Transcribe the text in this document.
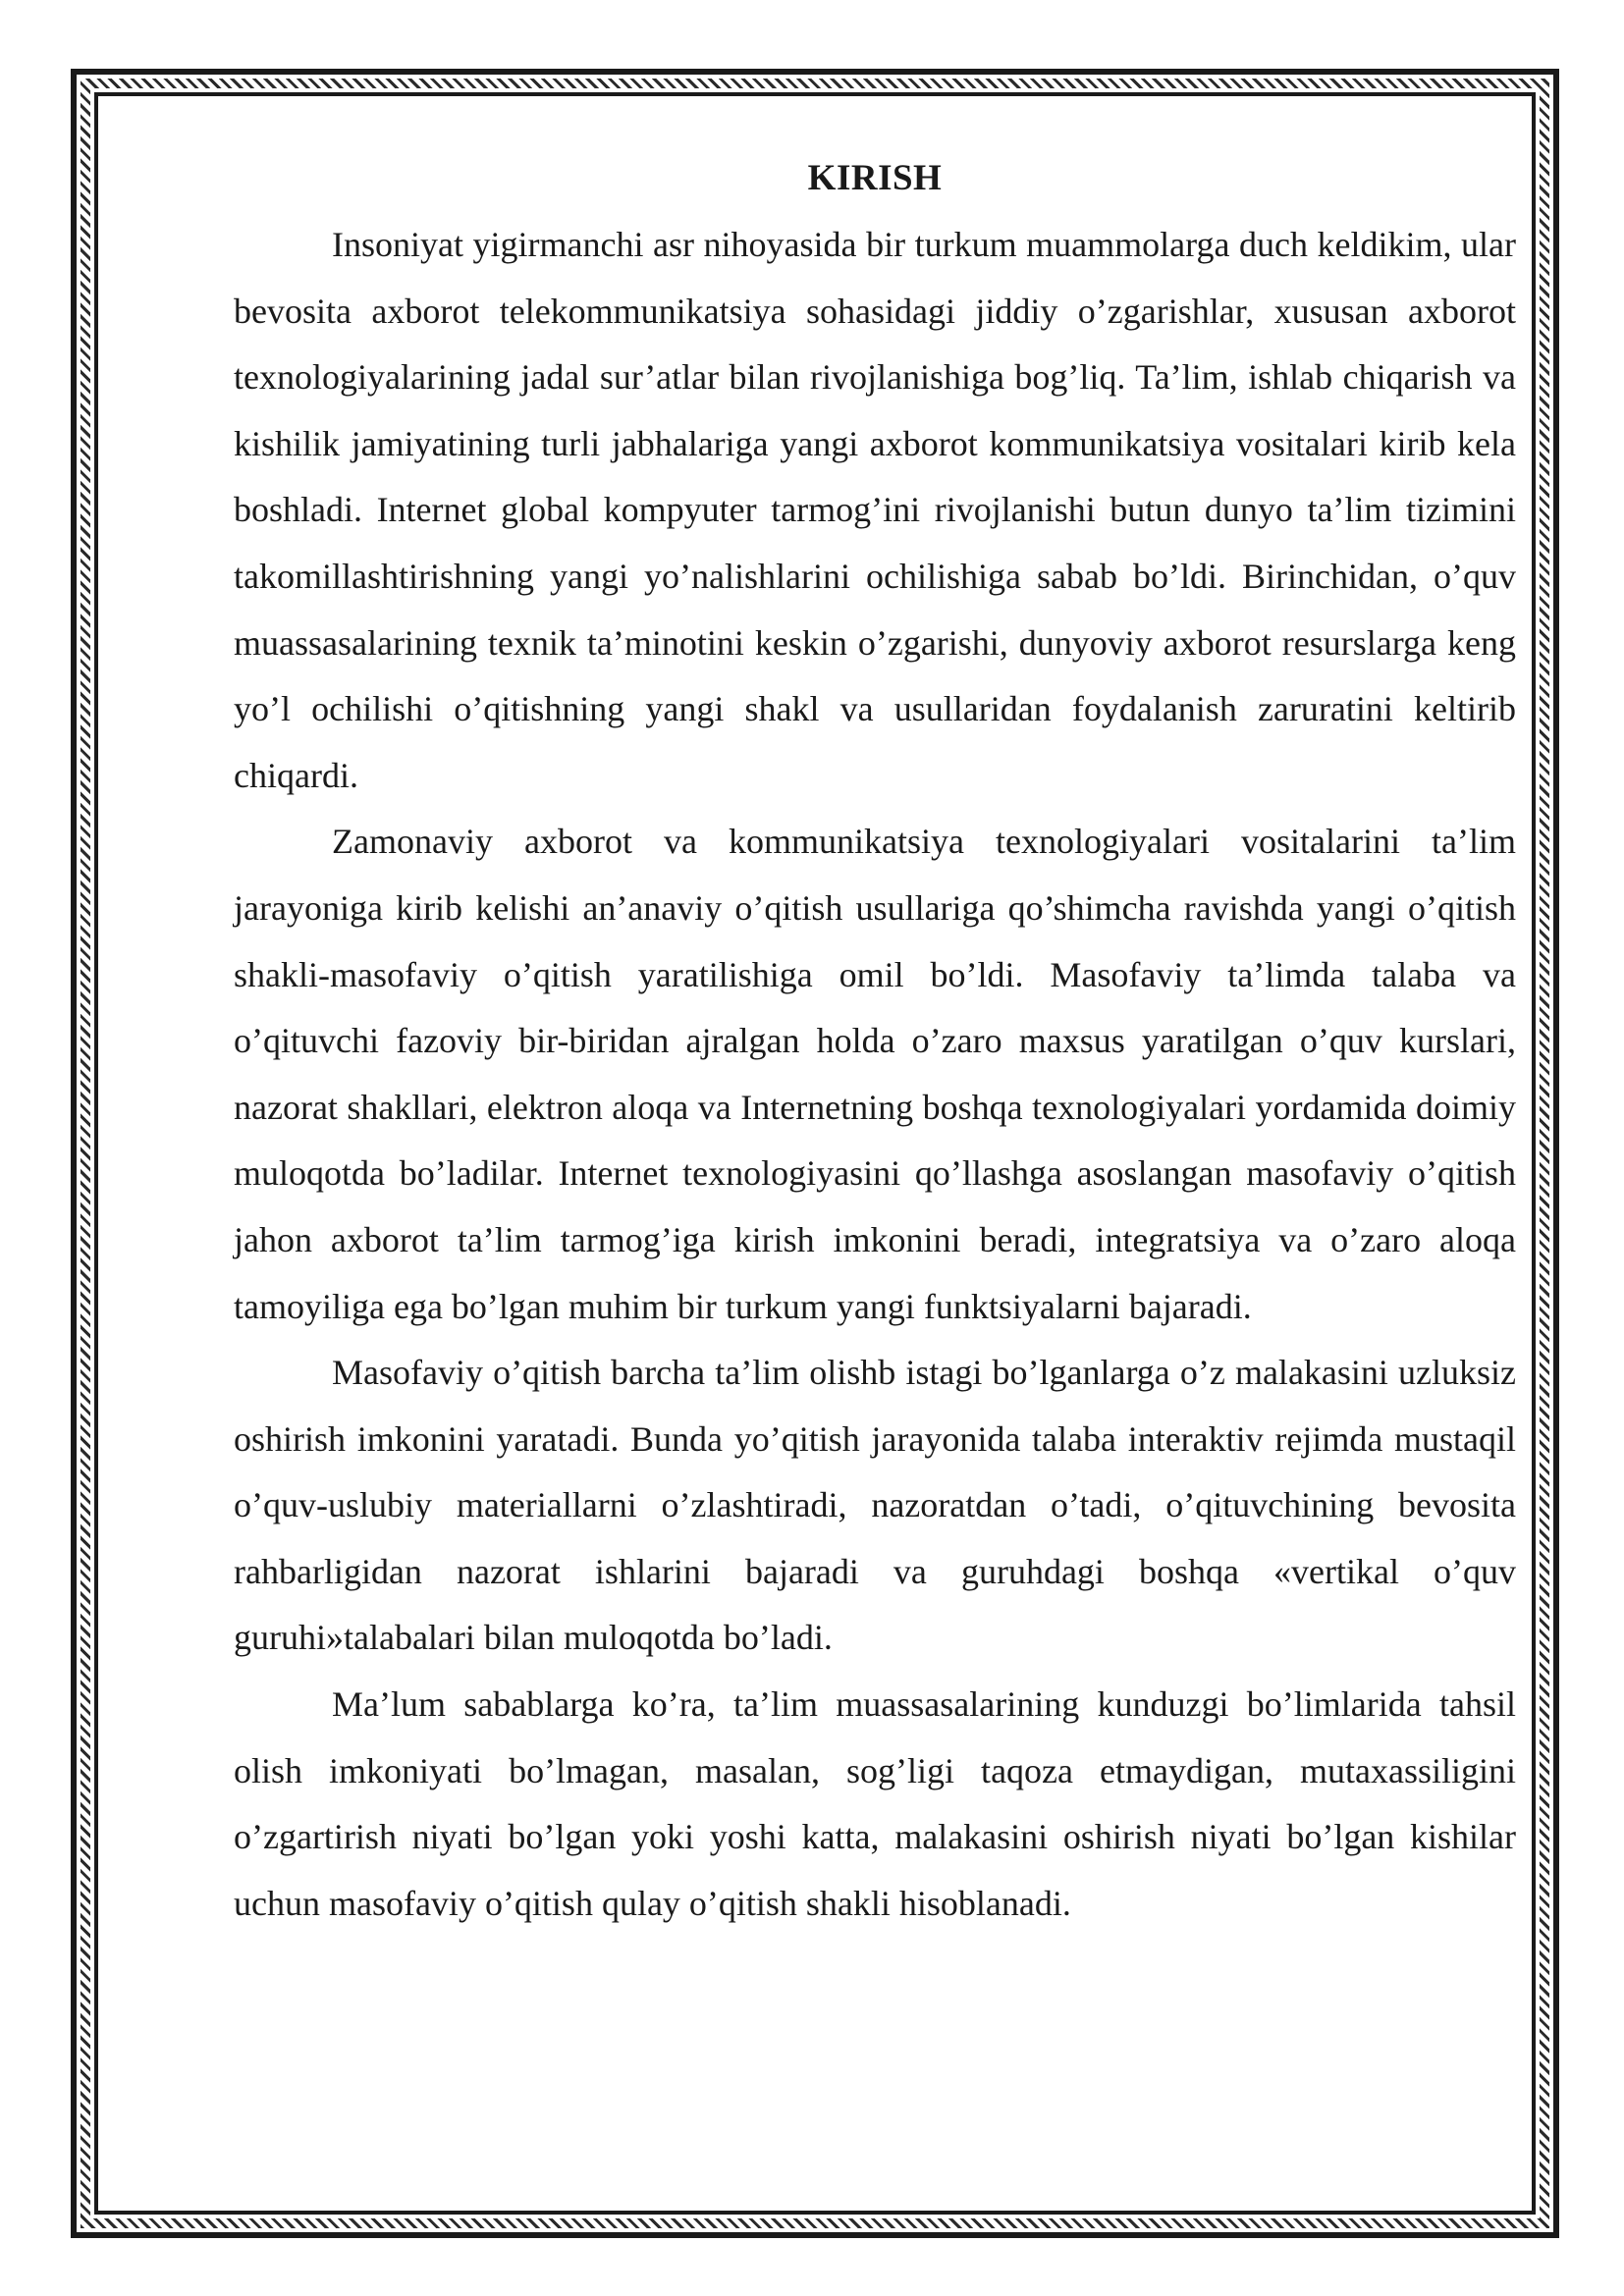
KIRISH

Insoniyat yigirmanchi asr nihoyasida bir turkum muammolarga duch keldikim, ular bevosita axborot telekommunikatsiya sohasidagi jiddiy o’zgarishlar, xususan axborot texnologiyalarining jadal sur’atlar bilan rivojlanishiga bog’liq. Ta’lim, ishlab chiqarish va kishilik jamiyatining turli jabhalariga yangi axborot kommunikatsiya vositalari kirib kela boshladi. Internet global kompyuter tarmog’ini rivojlanishi butun dunyo ta’lim tizimini takomillashtirishning yangi yo’nalishlarini ochilishiga sabab bo’ldi. Birinchidan, o’quv muassasalarining texnik ta’minotini keskin o’zgarishi, dunyoviy axborot resurslarga keng yo’l ochilishi o’qitishning yangi shakl va usullaridan foydalanish zaruratini keltirib chiqardi.

Zamonaviy axborot va kommunikatsiya texnologiyalari vositalarini ta’lim jarayoniga kirib kelishi an’anaviy o’qitish usullariga qo’shimcha ravishda yangi o’qitish shakli-masofaviy o’qitish yaratilishiga omil bo’ldi. Masofaviy ta’limda talaba va o’qituvchi fazoviy bir-biridan ajralgan holda o’zaro maxsus yaratilgan o’quv kurslari, nazorat shakllari, elektron aloqa va Internetning boshqa texnologiyalari yordamida doimiy muloqotda bo’ladilar. Internet texnologiyasini qo’llashga asoslangan masofaviy o’qitish jahon axborot ta’lim tarmog’iga kirish imkonini beradi, integratsiya va o’zaro aloqa tamoyiliga ega bo’lgan muhim bir turkum yangi funktsiyalarni bajaradi.

Masofaviy o’qitish barcha ta’lim olishb istagi bo’lganlarga o’z malakasini uzluksiz oshirish imkonini yaratadi. Bunda yo’qitish jarayonida talaba interaktiv rejimda mustaqil o’quv-uslubiy materiallarni o’zlashtiradi, nazoratdan o’tadi, o’qituvchining bevosita rahbarligidan nazorat ishlarini bajaradi va guruhdagi boshqa «vertikal o’quv guruhi»talabalari bilan muloqotda bo’ladi.

Ma’lum sabablarga ko’ra, ta’lim muassasalarining kunduzgi bo’limlarida tahsil olish imkoniyati bo’lmagan, masalan, sog’ligi taqoza etmaydigan, mutaxassiligini o’zgartirish niyati bo’lgan yoki yoshi katta, malakasini oshirish niyati bo’lgan kishilar uchun masofaviy o’qitish qulay o’qitish shakli hisoblanadi.
